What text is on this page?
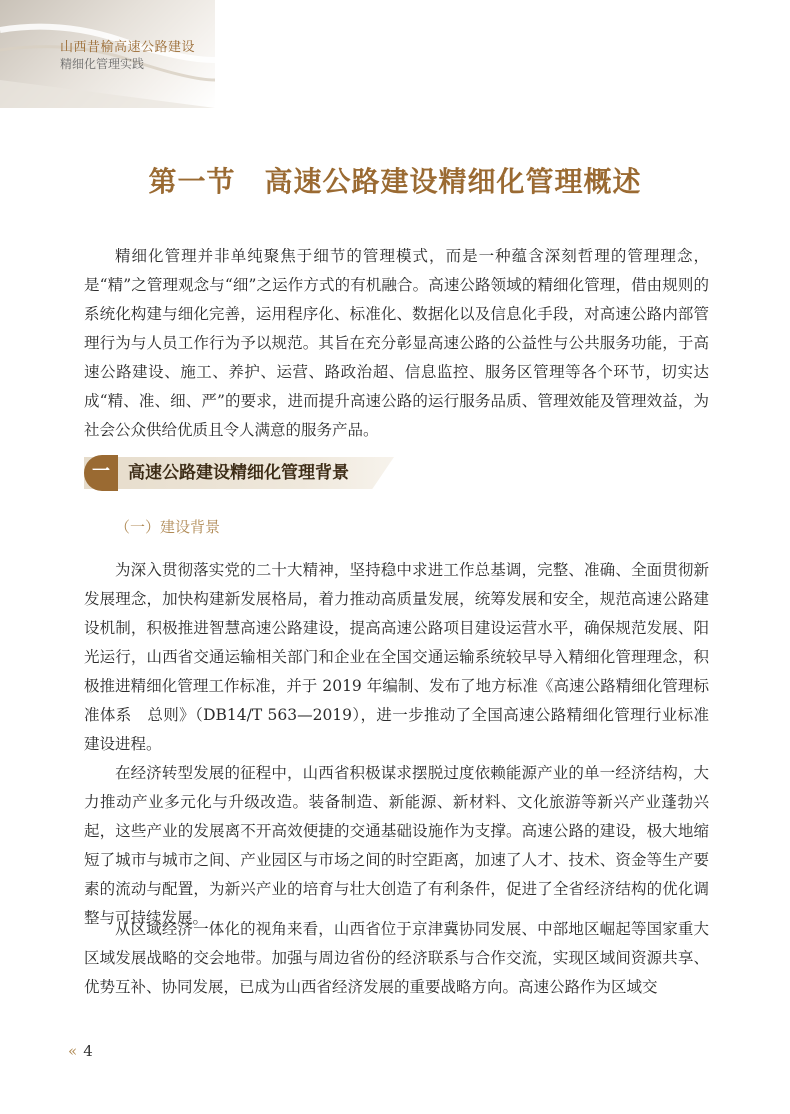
山西昔榆高速公路建设
精细化管理实践
第一节　高速公路建设精细化管理概述

精细化管理并非单纯聚焦于细节的管理模式，而是一种蕴含深刻哲理的管理理念，是“精”之管理观念与“细”之运作方式的有机融合。高速公路领域的精细化管理，借由规则的系统化构建与细化完善，运用程序化、标准化、数据化以及信息化手段，对高速公路内部管理行为与人员工作行为予以规范。其旨在充分彰显高速公路的公益性与公共服务功能，于高速公路建设、施工、养护、运营、路政治超、信息监控、服务区管理等各个环节，切实达成“精、准、细、严”的要求，进而提升高速公路的运行服务品质、管理效能及管理效益，为社会公众供给优质且令人满意的服务产品。

一	高速公路建设精细化管理背景
（一）建设背景

为深入贯彻落实党的二十大精神，坚持稳中求进工作总基调，完整、准确、全面贯彻新发展理念，加快构建新发展格局，着力推动高质量发展，统筹发展和安全，规范高速公路建设机制，积极推进智慧高速公路建设，提高高速公路项目建设运营水平，确保规范发展、阳光运行，山西省交通运输相关部门和企业在全国交通运输系统较早导入精细化管理理念，积极推进精细化管理工作标准，并于 2019 年编制、发布了地方标准《高速公路精细化管理标准体系　总则》（DB14/T 563—2019），进一步推动了全国高速公路精细化管理行业标准建设进程。

在经济转型发展的征程中，山西省积极谋求摆脱过度依赖能源产业的单一经济结构，大力推动产业多元化与升级改造。装备制造、新能源、新材料、文化旅游等新兴产业蓬勃兴起，这些产业的发展离不开高效便捷的交通基础设施作为支撑。高速公路的建设，极大地缩短了城市与城市之间、产业园区与市场之间的时空距离，加速了人才、技术、资金等生产要素的流动与配置，为新兴产业的培育与壮大创造了有利条件，促进了全省经济结构的优化调整与可持续发展。

从区域经济一体化的视角来看，山西省位于京津冀协同发展、中部地区崛起等国家重大区域发展战略的交会地带。加强与周边省份的经济联系与合作交流，实现区域间资源共享、优势互补、协同发展，已成为山西省经济发展的重要战略方向。高速公路作为区域交

« 4
